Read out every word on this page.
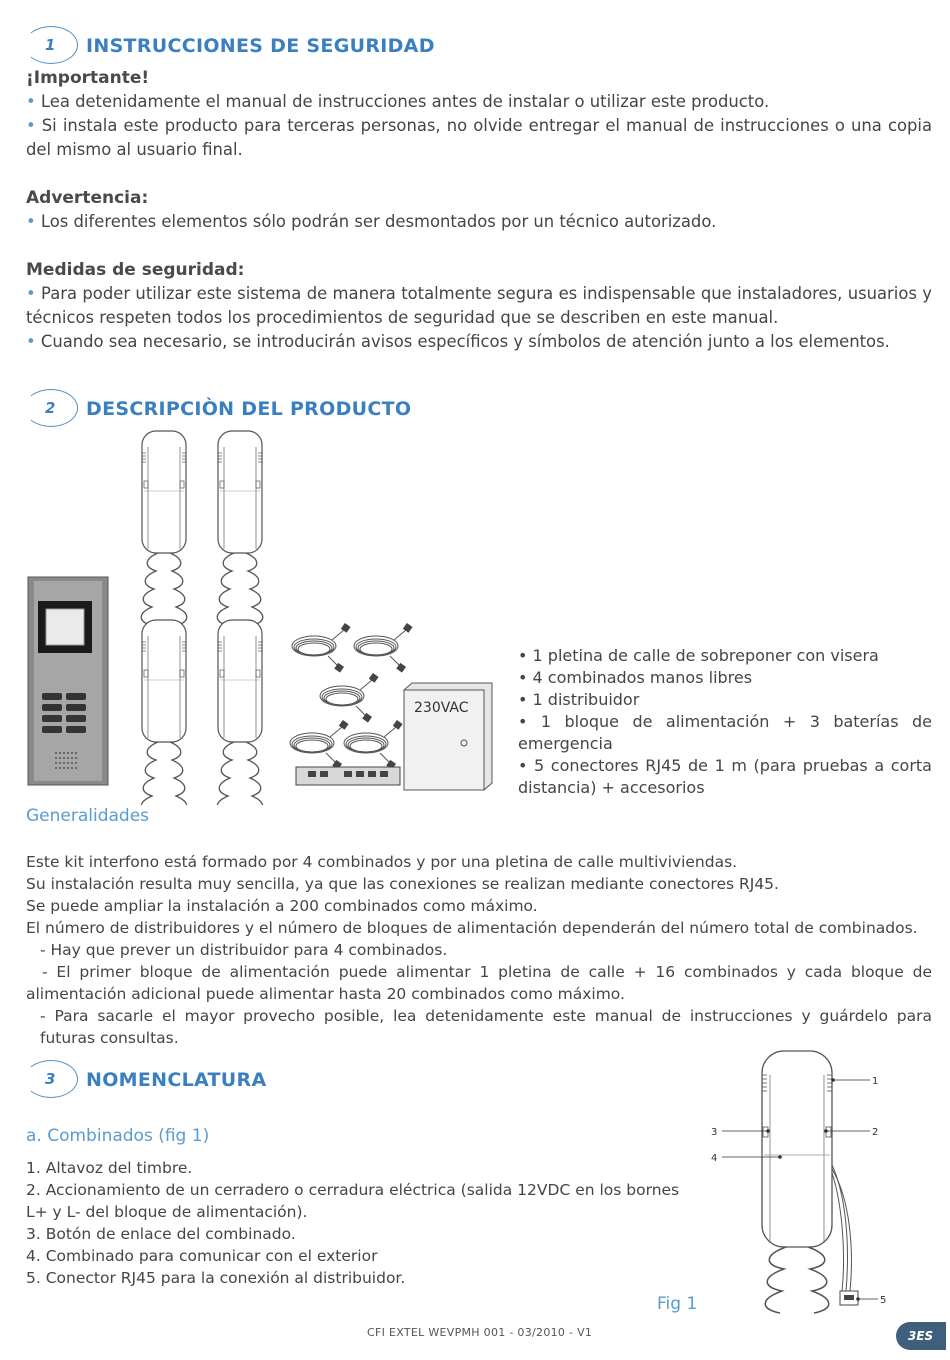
1 INSTRUCCIONES DE SEGURIDAD
¡Importante!
• Lea detenidamente el manual de instrucciones antes de instalar o utilizar este producto.
• Si instala este producto para terceras personas, no olvide entregar el manual de instrucciones o una copia del mismo al usuario final.
Advertencia:
• Los diferentes elementos sólo podrán ser desmontados por un técnico autorizado.
Medidas de seguridad:
• Para poder utilizar este sistema de manera totalmente segura es indispensable que instaladores, usuarios y técnicos respeten todos los procedimientos de seguridad que se describen en este manual.
• Cuando sea necesario, se introducirán avisos específicos y símbolos de atención junto a los elementos.
2 DESCRIPCIÒN DEL PRODUCTO
230VAC
• 1 pletina de calle de sobreponer con visera
• 4 combinados manos libres
• 1 distribuidor
• 1 bloque de alimentación + 3 baterías de emergencia
• 5 conectores RJ45 de 1 m (para pruebas a corta distancia) + accesorios
Generalidades
Este kit interfono está formado por 4 combinados y por una pletina de calle multiviviendas.
Su instalación resulta muy sencilla, ya que las conexiones se realizan mediante conectores RJ45.
Se puede ampliar la instalación a 200 combinados como máximo.
El número de distribuidores y el número de bloques de alimentación dependerán del número total de combinados.
- Hay que prever un distribuidor para 4 combinados.
- El primer bloque de alimentación puede alimentar 1 pletina de calle + 16 combinados y cada bloque de alimentación adicional puede alimentar hasta 20 combinados como máximo.
- Para sacarle el mayor provecho posible, lea detenidamente este manual de instrucciones y guárdelo para futuras consultas.
3 NOMENCLATURA
a. Combinados (fig 1)
1. Altavoz del timbre.
2. Accionamiento de un cerradero o cerradura eléctrica (salida 12VDC en los bornes L+ y L- del bloque de alimentación).
3. Botón de enlace del combinado.
4. Combinado para comunicar con el exterior
5. Conector RJ45 para la conexión al distribuidor.
1
2
3
4
5
Fig 1
CFI EXTEL WEVPMH 001 - 03/2010 - V1	3ES
